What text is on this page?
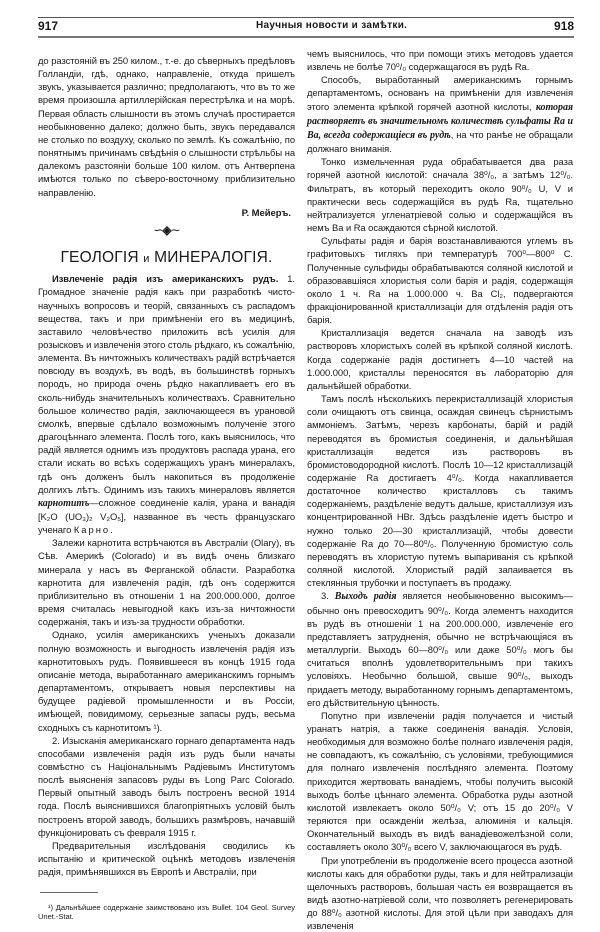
917	Научныя новости и замѣтки.	918

до разстояній въ 250 килом., т.-е. до сѣверныхъ предѣловъ Голландіи, гдѣ, однако, направленіе, откуда пришелъ звукъ, указывается различно; предполагаютъ, что въ то же время произошла артиллерійская перестрѣлка и на морѣ. Первая область слышности въ этомъ случаѣ простирается необыкновенно далеко; должно быть, звукъ передавался не столько по воздуху, сколько по землѣ. Къ сожалѣнію, по понятнымъ причинамъ свѣдѣнія о слышности стрѣльбы на далекомъ разстояніи больше 100 килом. отъ Антверпена имѣются только по сѣверо-восточному приблизительно направленію.

Р. Мейеръ.
∽◈∼
ГЕОЛОГІЯ и МИНЕРАЛОГІЯ.

Извлеченіе радія изъ американскихъ рудъ. 1. Громадное значеніе радія какъ при разработкѣ чисто-научныхъ вопросовъ и теорій, связанныхъ съ распадомъ вещества, такъ и при примѣненіи его въ медицинѣ, заставило человѣчество приложить всѣ усилія для розысковъ и извлеченія этого столь рѣдкаго, къ сожалѣнію, элемента. Въ ничтожныхъ количествахъ радій встрѣчается повсюду въ воздухѣ, въ водѣ, въ большинствѣ горныхъ породъ, но природа очень рѣдко накапливаетъ его въ сколь-нибудь значительныхъ количествахъ. Сравнительно большое количество радія, заключающееся въ урановой смолкѣ, впервые сдѣлало возможнымъ полученіе этого драгоцѣннаго элемента. Послѣ того, какъ выяснилось, что радій является однимъ изъ продуктовъ распада урана, его стали искать во всѣхъ содержащихъ уранъ минералахъ, гдѣ онъ долженъ былъ накопиться въ продолженіе долгихъ лѣтъ. Одинимъ изъ такихъ минераловъ является карнотитъ—сложное соединеніе калія, урана и ванадія [K₂O (UO₃)₂ V₂O₅], названное въ честь французскаго ученаго Карно.

Залежи карнотита встрѣчаются въ Австраліи (Olary), въ Сѣв. Америкѣ (Colorado) и въ видѣ очень близкаго минерала у насъ въ Ферганской области. Разработка карнотита для извлеченія радія, гдѣ онъ содержится приблизительно въ отношеніи 1 на 200.000.000, долгое время считалась невыгодной какъ изъ-за ничтожности содержанія, такъ и изъ-за трудности обработки.

Однако, усилія американскихъ ученыхъ доказали полную возможность и выгодность извлеченія радія изъ карнотитовыхъ рудъ. Появившееся въ концѣ 1915 года описаніе метода, выработаннаго американскимъ горнымъ департаментомъ, открываетъ новыя перспективы на будущее радіевой промышленности и въ Россіи, имѣющей, повидимому, серьезные запасы рудъ, весьма сходныхъ съ карнотитомъ ¹).

2. Изысканія американскаго горнаго департамента надъ способами извлеченія радія изъ рудъ были начаты совмѣстно съ Національнымъ Радіевымъ Институтомъ послѣ выясненія запасовъ руды въ Long Parc Colorado. Первый опытный заводъ былъ построенъ весной 1914 года. Послѣ выяснившихся благопріятныхъ условій былъ построенъ второй заводъ, большихъ размѣровъ, начавшій функціонировать съ февраля 1915 г.

Предварительныя изслѣдованія сводились къ испытанію и критической оцѣнкѣ методовъ извлеченія радія, примѣнявшихся въ Европѣ и Австраліи, при

¹) Дальнѣйшее содержаніе заимствовано изъ Bullet. 104 Geol. Survey Unet.-Stat.

чемъ выяснилось, что при помощи этихъ методовъ удается извлечь не болѣе 70⁰/₀ содержащагося въ рудѣ Ra.

Способъ, выработанный американскимъ горнымъ департаментомъ, основанъ на примѣненіи для извлеченія этого элемента крѣпкой горячей азотной кислоты, которая растворяетъ въ значительномъ количествѣ сульфаты Ra и Ba, всегда содержащіеся въ рудѣ, на что ранѣе не обращали должнаго вниманія.

Тонко измельченная руда обрабатывается два раза горячей азотной кислотой: сначала 38⁰/₀, а затѣмъ 12⁰/₀. Фильтратъ, въ который переходитъ около 90⁰/₀ U, V и практически весь содержащійся въ рудѣ Ra, тщательно нейтрализуется угленатріевой солью и содержащійся въ немъ Ba и Ra осаждаются сѣрной кислотой.

Сульфаты радія и барія возстанавливаются углемъ въ графитовыхъ тигляхъ при температурѣ 700⁰—800⁰ С. Полученные сульфиды обрабатываются соляной кислотой и образовавшіяся хлористыя соли барія и радія, содержащія около 1 ч. Ra на 1.000.000 ч. Ba Cl₂, подвергаются фракціонированной кристаллизаціи для отдѣленія радія отъ барія.

Кристаллизація ведется сначала на заводѣ изъ растворовъ хлористыхъ солей въ крѣпкой соляной кислотѣ. Когда содержаніе радія достигнетъ 4—10 частей на 1.000.000, кристаллы переносятся въ лабораторію для дальнѣйшей обработки.

Тамъ послѣ нѣсколькихъ перекристаллизацій хлористыя соли очищаютъ отъ свинца, осаждая свинецъ сѣрнистымъ аммоніемъ. Затѣмъ, черезъ карбонаты, барій и радій переводятся въ бромистыя соединенія, и дальнѣйшая кристаллизація ведется изъ растворовъ въ бромистоводородной кислотѣ. Послѣ 10—12 кристаллизацій содержаніе Ra достигаетъ 4⁰/₀. Когда накапливается достаточное количество кристалловъ съ такимъ содержаніемъ, раздѣленіе ведутъ дальше, кристаллизуя изъ концентрированной HBr. Здѣсь раздѣленіе идетъ быстро и нужно только 20—30 кристаллизацій, чтобы довести содержаніе Ra до 70—80⁰/₀. Полученную бромистую соль переводятъ въ хлористую путемъ выпариванія съ крѣпкой соляной кислотой. Хлористый радій запаивается въ стеклянныя трубочки и поступаетъ въ продажу.

3. Выходъ радія является необыкновенно высокимъ—обычно онъ превосходитъ 90⁰/₀. Когда элементъ находится въ рудѣ въ отношеніи 1 на 200.000.000, извлеченіе его представляетъ затрудненія, обычно не встрѣчающіяся въ металлургіи. Выходъ 60—80⁰/₀ или даже 50⁰/₀ могъ бы считаться вполнѣ удовлетворительнымъ при такихъ условіяхъ. Необычно большой, свыше 90⁰/₀, выходъ придаетъ методу, выработанному горнымъ департаментомъ, его дѣйствительную цѣнность.

Попутно при извлеченіи радія получается и чистый уранатъ натрія, а также соединенія ванадія. Условія, необходимыя для возможно болѣе полнаго извлеченія радія, не совпадаютъ, къ сожалѣнію, съ условіями, требующимися для полнаго извлеченія послѣдняго элемента. Поэтому приходится жертвовать ванадіемъ, чтобы получить высокій выходъ болѣе цѣннаго элемента. Обработка руды азотной кислотой извлекаетъ около 50⁰/₀ V; отъ 15 до 20⁰/₀ V теряются при осажденіи желѣза, алюминія и кальція. Окончательный выходъ въ видѣ ванадіевожелѣзной соли, составляетъ около 30⁰/₀ всего V, заключающагося въ рудѣ.

При употребленіи въ продолженіе всего процесса азотной кислоты какъ для обработки руды, такъ и для нейтрализаціи щелочныхъ растворовъ, большая часть ея возвращается въ видѣ азотно-натріевой соли, что позволяетъ регенерировать до 88⁰/₀ азотной кислоты. Для этой цѣли при заводахъ для извлеченія
